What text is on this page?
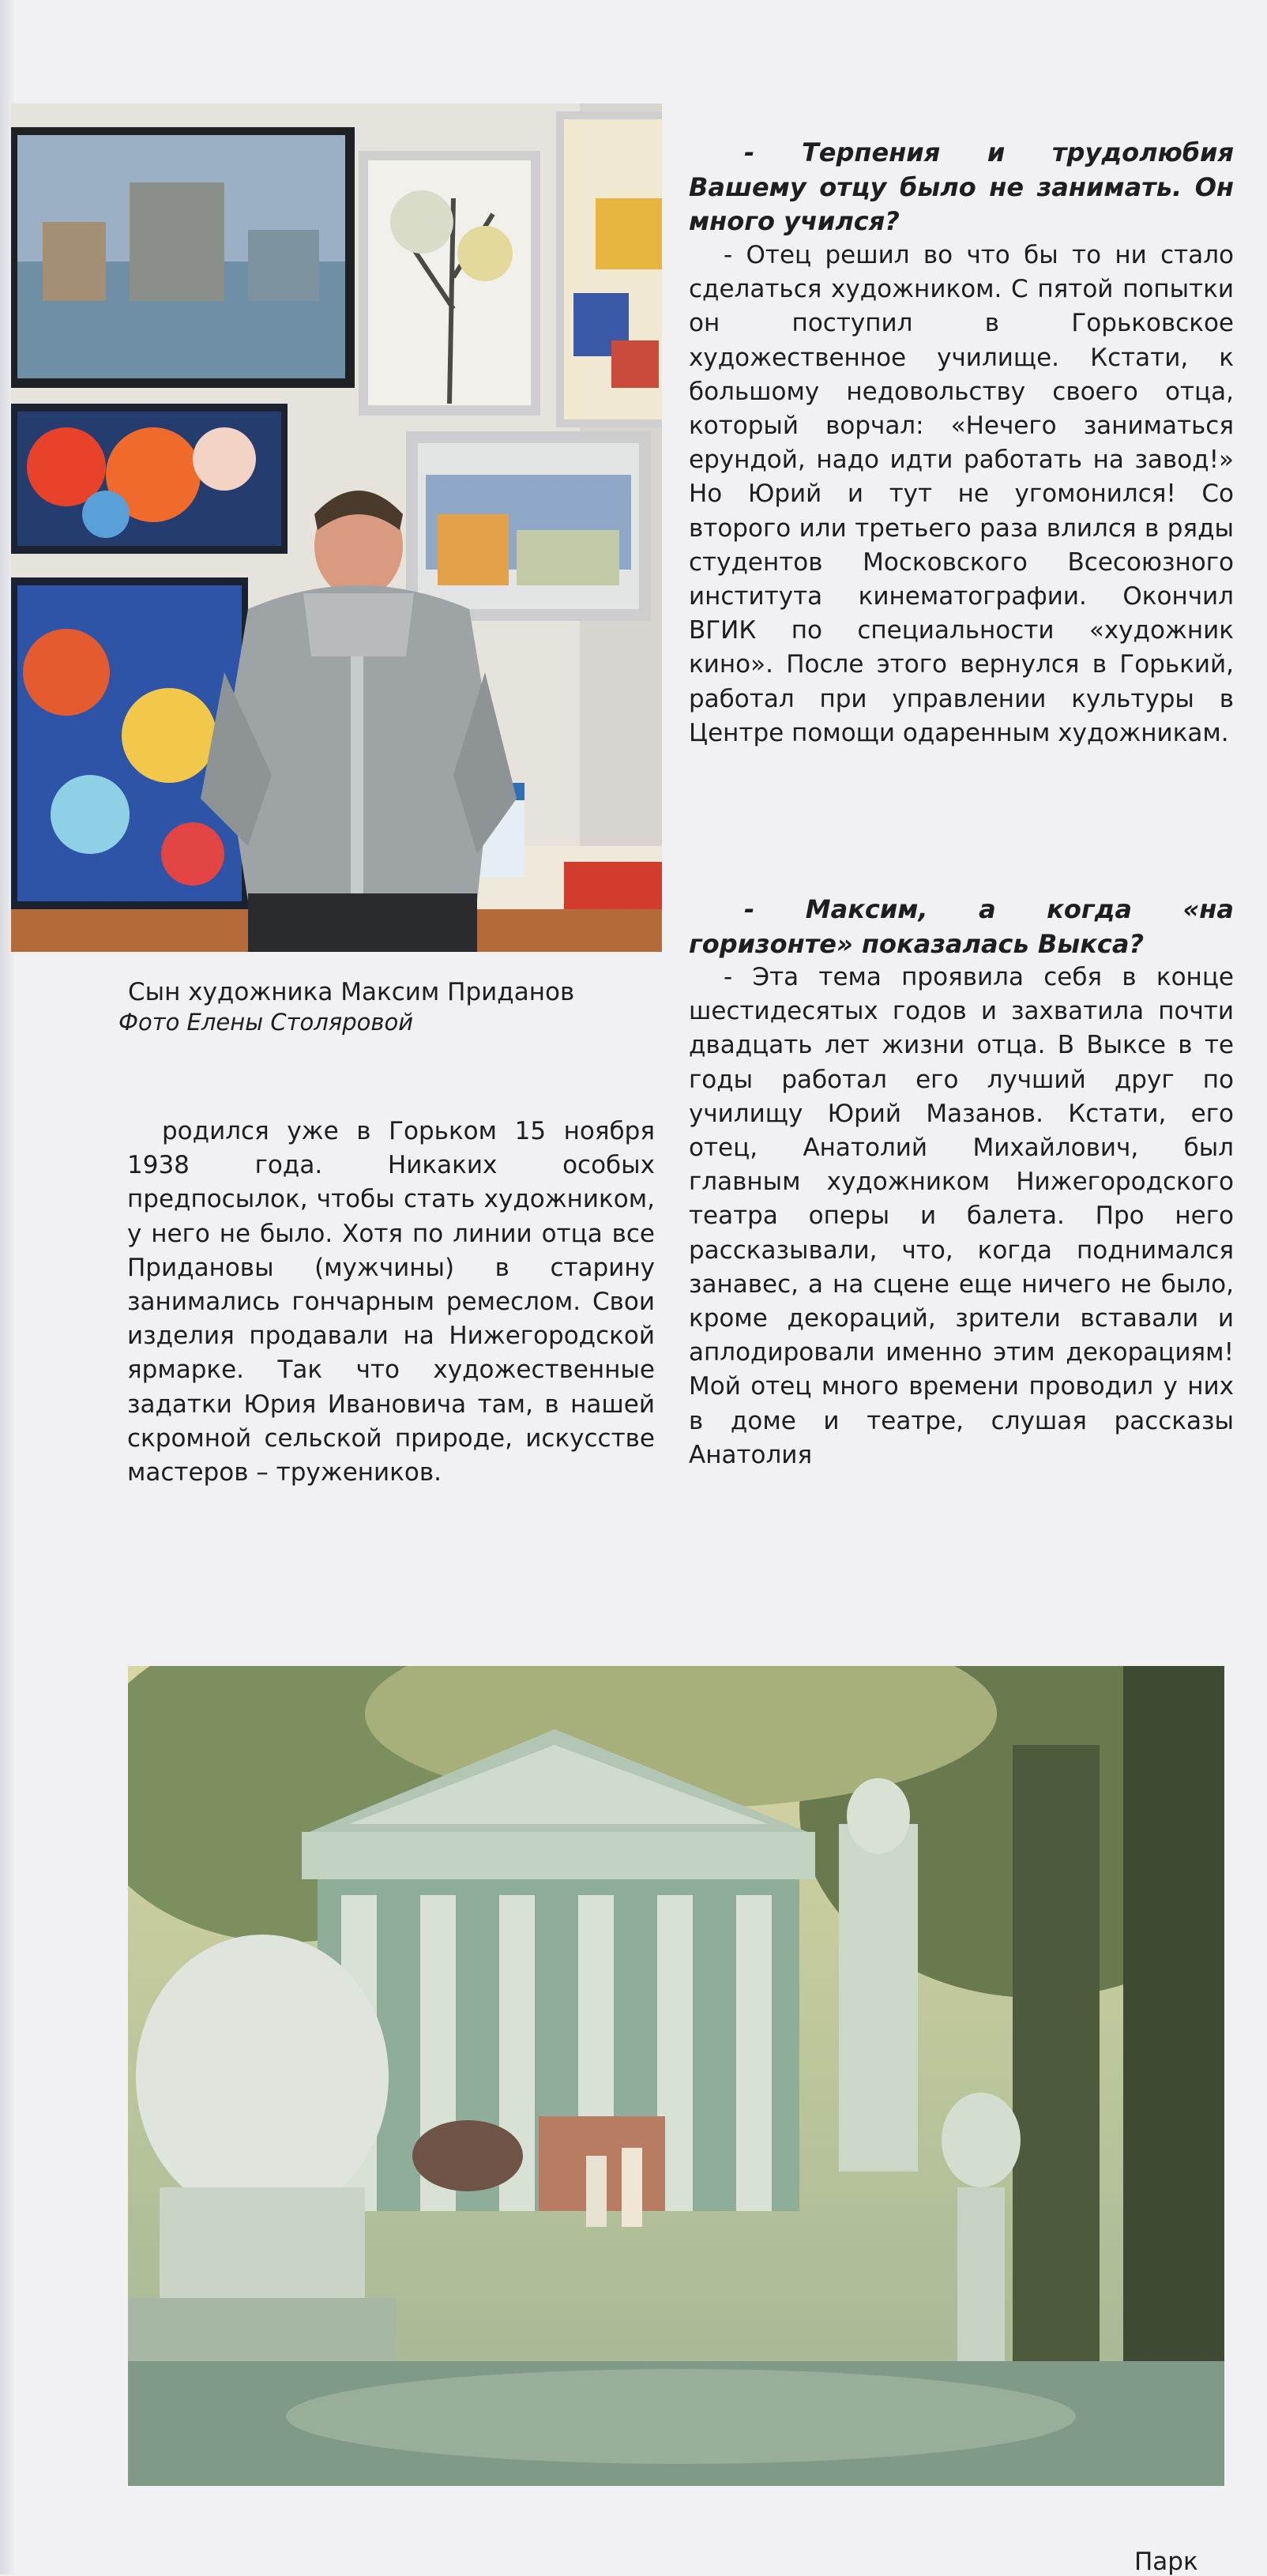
Сын художника Максим Приданов
Фото Елены Столяровой

родился уже в Горьком 15 ноября 1938 года. Никаких особых предпосылок, чтобы стать художником, у него не было. Хотя по линии отца все Придановы (мужчины) в старину занимались гончарным ремеслом. Свои изделия продавали на Нижегородской ярмарке. Так что художественные задатки Юрия Ивановича там, в нашей скромной сельской природе, искусстве мастеров – тружеников.

- Терпения и трудолюбия Вашему отцу было не занимать. Он много учился?

- Отец решил во что бы то ни стало сделаться художником. С пятой попытки он поступил в Горьковское художественное училище. Кстати, к большому недовольству своего отца, который ворчал: «Нечего заниматься ерундой, надо идти работать на завод!» Но Юрий и тут не угомонился! Со второго или третьего раза влился в ряды студентов Московского Всесоюзного института кинематографии. Окончил ВГИК по специальности «художник кино». После этого вернулся в Горький, работал при управлении культуры в Центре помощи одаренным художникам.

- Максим, а когда «на горизонте» показалась Выкса?

- Эта тема проявила себя в конце шестидесятых годов и захватила почти двадцать лет жизни отца. В Выксе в те годы работал его лучший друг по училищу Юрий Мазанов. Кстати, его отец, Анатолий Михайлович, был главным художником Нижегородского театра оперы и балета. Про него рассказывали, что, когда поднимался занавес, а на сцене еще ничего не было, кроме декораций, зрители вставали и аплодировали именно этим декорациям! Мой отец много времени проводил у них в доме и театре, слушая рассказы Анатолия

Парк
